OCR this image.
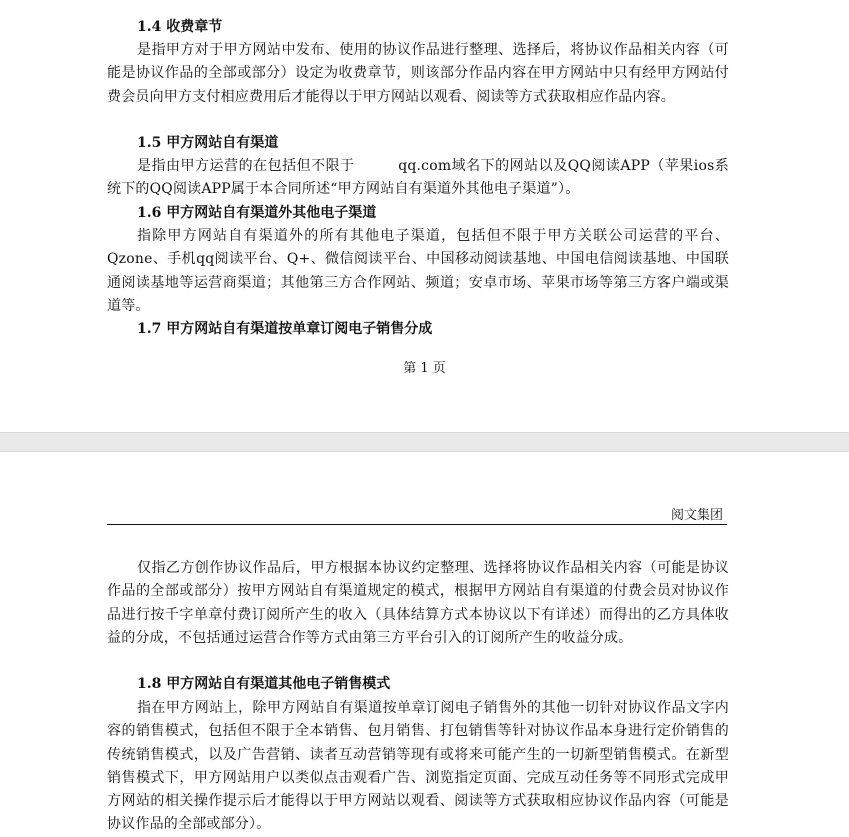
1.4 收费章节
是指甲方对于甲方网站中发布、使用的协议作品进行整理、选择后，将协议作品相关内容（可能是协议作品的全部或部分）设定为收费章节，则该部分作品内容在甲方网站中只有经甲方网站付费会员向甲方支付相应费用后才能得以于甲方网站以观看、阅读等方式获取相应作品内容。
1.5 甲方网站自有渠道
是指由甲方运营的在包括但不限于　　　qq.com域名下的网站以及QQ阅读APP（苹果ios系统下的QQ阅读APP属于本合同所述“甲方网站自有渠道外其他电子渠道”）。
1.6 甲方网站自有渠道外其他电子渠道
指除甲方网站自有渠道外的所有其他电子渠道，包括但不限于甲方关联公司运营的平台、Qzone、手机qq阅读平台、Q+、微信阅读平台、中国移动阅读基地、中国电信阅读基地、中国联通阅读基地等运营商渠道；其他第三方合作网站、频道；安卓市场、苹果市场等第三方客户端或渠道等。
1.7 甲方网站自有渠道按单章订阅电子销售分成
第 1 页
阅文集团
仅指乙方创作协议作品后，甲方根据本协议约定整理、选择将协议作品相关内容（可能是协议作品的全部或部分）按甲方网站自有渠道规定的模式，根据甲方网站自有渠道的付费会员对协议作品进行按千字单章付费订阅所产生的收入（具体结算方式本协议以下有详述）而得出的乙方具体收益的分成，不包括通过运营合作等方式由第三方平台引入的订阅所产生的收益分成。
1.8 甲方网站自有渠道其他电子销售模式
指在甲方网站上，除甲方网站自有渠道按单章订阅电子销售外的其他一切针对协议作品文字内容的销售模式，包括但不限于全本销售、包月销售、打包销售等针对协议作品本身进行定价销售的传统销售模式，以及广告营销、读者互动营销等现有或将来可能产生的一切新型销售模式。在新型销售模式下，甲方网站用户以类似点击观看广告、浏览指定页面、完成互动任务等不同形式完成甲方网站的相关操作提示后才能得以于甲方网站以观看、阅读等方式获取相应协议作品内容（可能是协议作品的全部或部分）。
